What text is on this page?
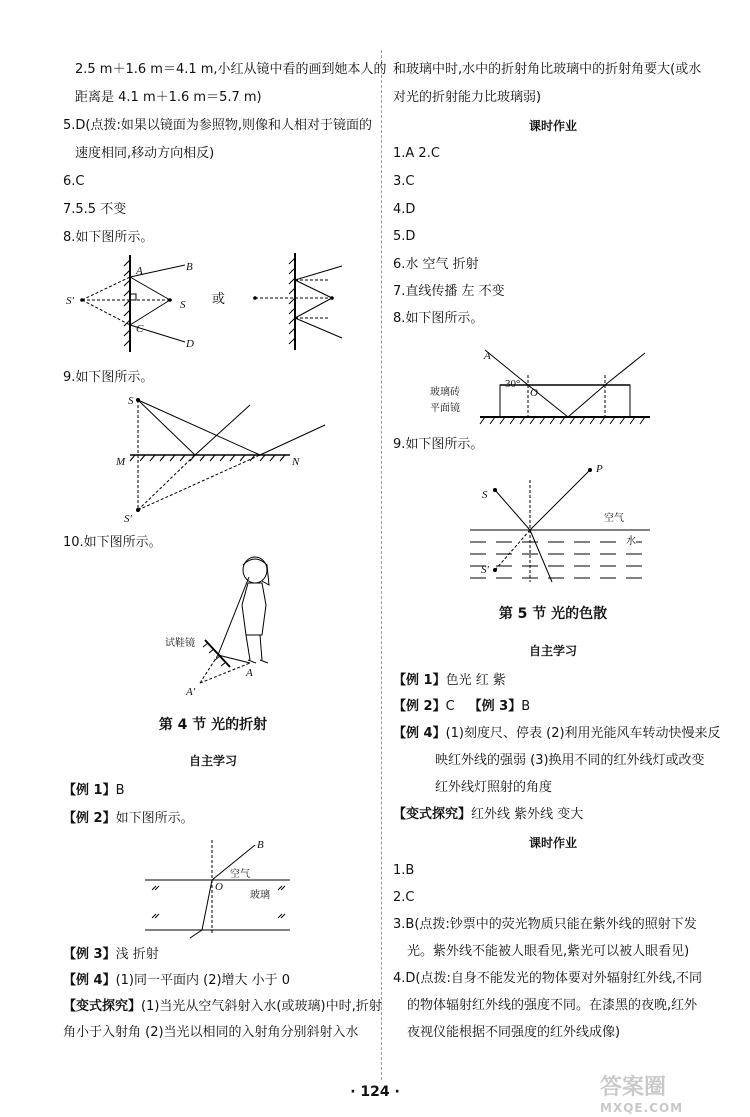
2.5 m＋1.6 m＝4.1 m,小红从镜中看的画到她本人的
距离是 4.1 m＋1.6 m＝5.7 m)
5.D(点拨:如果以镜面为参照物,则像和人相对于镜面的
速度相同,移动方向相反)
6.C
7.5.5 不变
8.如下图所示。
S′
A	B
S
C
D
或
9.如下图所示。
S
M	N
S′
10.如下图所示。
试鞋镜
A
A′
第 4 节 光的折射
自主学习
【例 1】B
【例 2】如下图所示。
B
O
空气
玻璃
【例 3】浅 折射
【例 4】(1)同一平面内 (2)增大 小于 0
【变式探究】(1)当光从空气斜射入水(或玻璃)中时,折射
角小于入射角 (2)当光以相同的入射角分别斜射入水
和玻璃中时,水中的折射角比玻璃中的折射角要大(或水
对光的折射能力比玻璃弱)
课时作业
1.A 2.C
3.C
4.D
5.D
6.水 空气 折射
7.直线传播 左 不变
8.如下图所示。
A
O
30°
玻璃砖
平面镜
9.如下图所示。
S
P
S′
空气
水
第 5 节 光的色散
自主学习
【例 1】色光 红 紫
【例 2】C 【例 3】B
【例 4】(1)刻度尺、停表 (2)利用光能风车转动快慢来反
映红外线的强弱 (3)换用不同的红外线灯或改变
红外线灯照射的角度
【变式探究】红外线 紫外线 变大
课时作业
1.B
2.C
3.B(点拨:钞票中的荧光物质只能在紫外线的照射下发
光。紫外线不能被人眼看见,紫光可以被人眼看见)
4.D(点拨:自身不能发光的物体要对外辐射红外线,不同
的物体辐射红外线的强度不同。在漆黑的夜晚,红外
夜视仪能根据不同强度的红外线成像)
· 124 ·	答案圈
MXQE.COM
